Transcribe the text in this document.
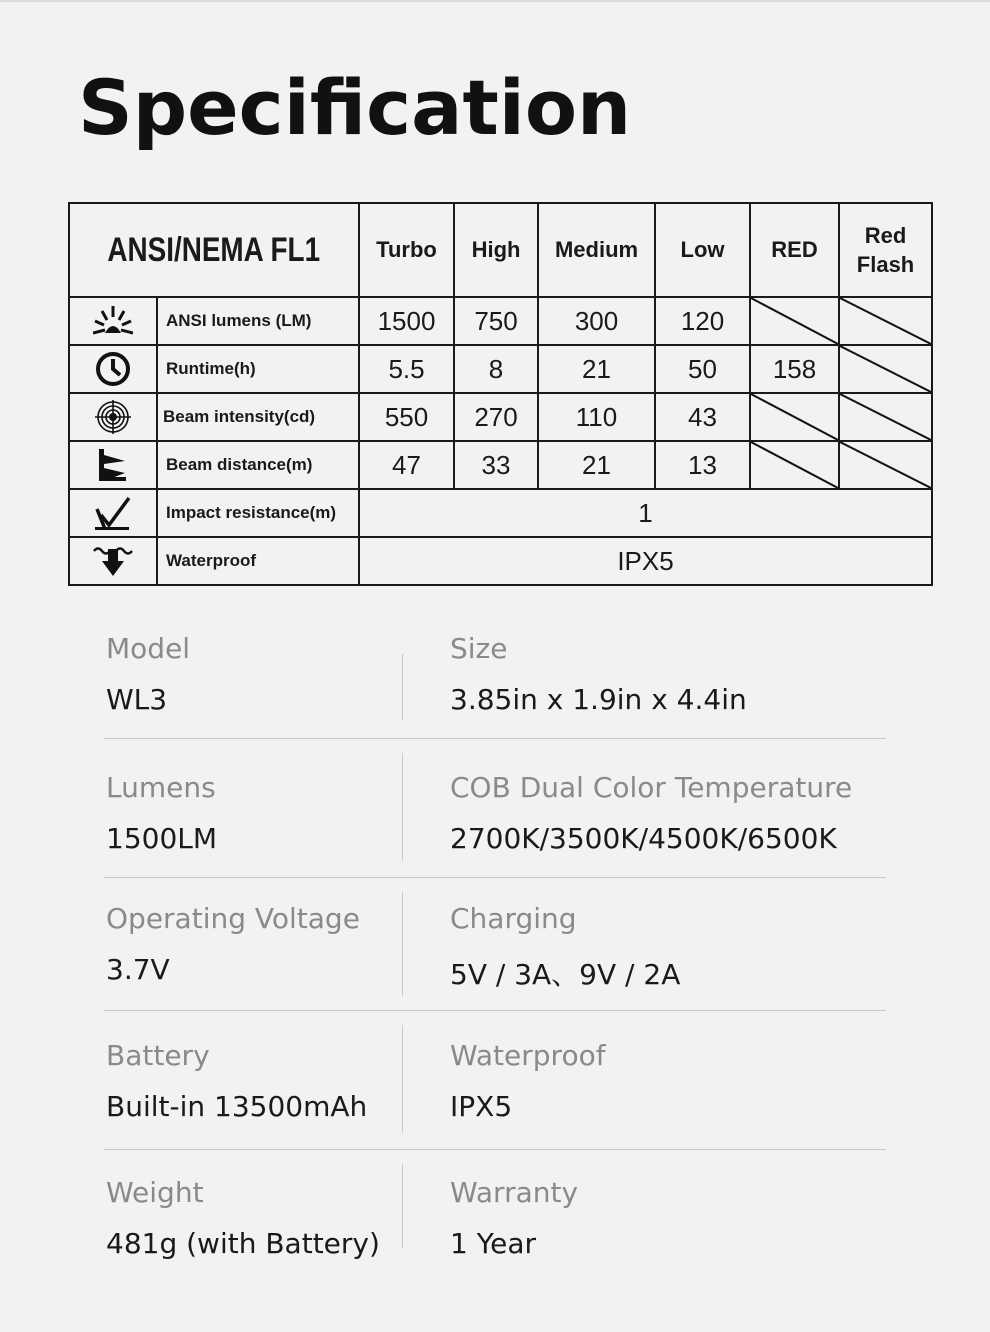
Specification
ANSI/NEMA FL1		Turbo	High	Medium	Low	RED	Red Flash

	ANSI lumens (LM)	1500	750	300	120	

	Runtime(h)	5.5	8	21	50	158	

	Beam intensity(cd)	550	270	110	43	

	Beam distance(m)	47	33	21	13	

	Impact resistance(m)	1					

	Waterproof	IPX5					
Model
WL3
Size
3.85in x 1.9in x 4.4in
Lumens
1500LM
COB Dual Color Temperature
2700K/3500K/4500K/6500K
Operating Voltage
3.7V
Charging
5V / 3A、9V / 2A
Battery
Built-in 13500mAh
Waterproof
IPX5
Weight
481g (with Battery)
Warranty
1 Year
